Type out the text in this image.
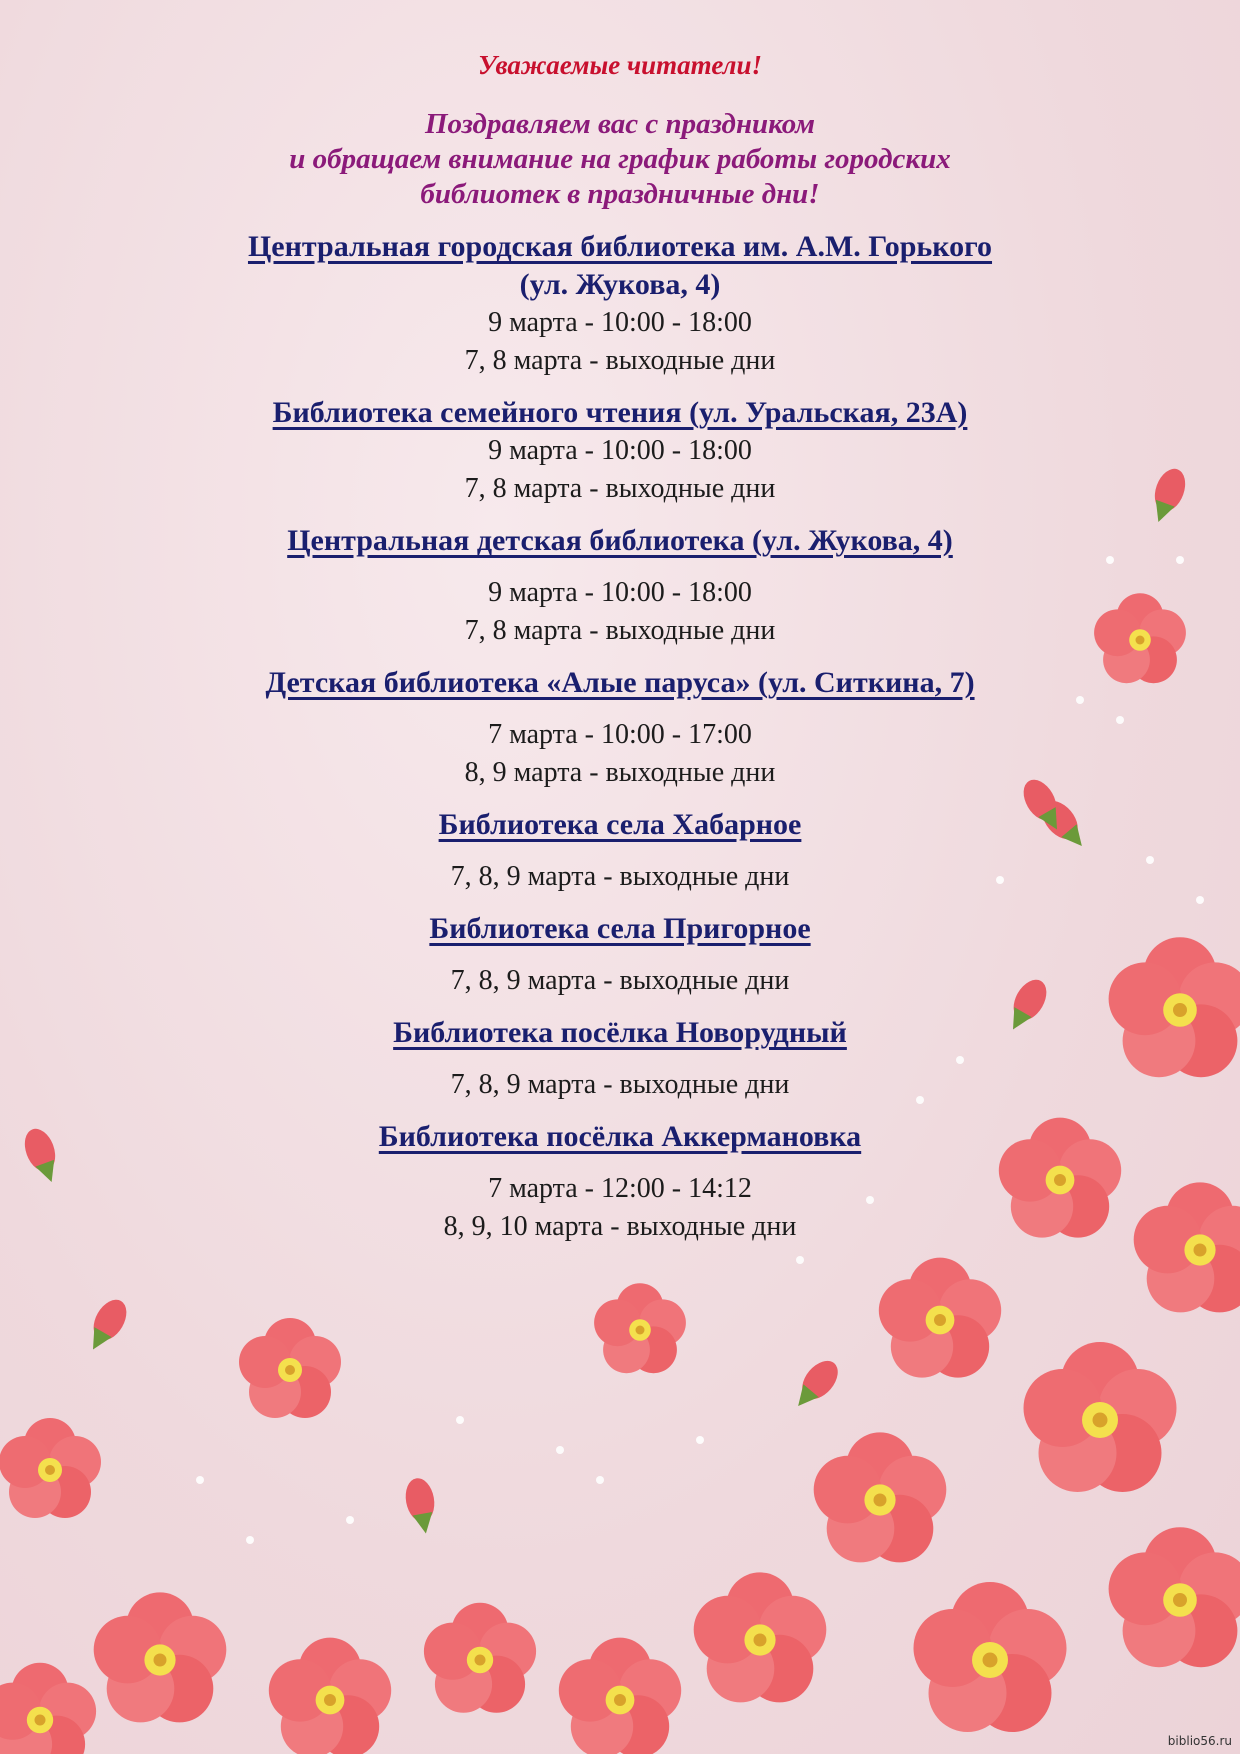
Уважаемые читатели!

Поздравляем вас с праздником
и обращаем внимание на график работы городских
библиотек в праздничные дни!

Центральная городская библиотека им. А.М. Горького

(ул. Жукова, 4)

9 марта - 10:00 - 18:00

7, 8 марта - выходные дни

Библиотека семейного чтения (ул. Уральская, 23А)

9 марта - 10:00 - 18:00

7, 8 марта - выходные дни

Центральная детская библиотека (ул. Жукова, 4)

9 марта - 10:00 - 18:00

7, 8 марта - выходные дни

Детская библиотека «Алые паруса» (ул. Ситкина, 7)

7 марта - 10:00 - 17:00

8, 9 марта - выходные дни

Библиотека села Хабарное

7, 8, 9 марта - выходные дни

Библиотека села Пригорное

7, 8, 9 марта - выходные дни

Библиотека посёлка Новорудный

7, 8, 9 марта - выходные дни

Библиотека посёлка Аккермановка

7 марта - 12:00 - 14:12

8, 9, 10 марта - выходные дни

biblio56.ru
